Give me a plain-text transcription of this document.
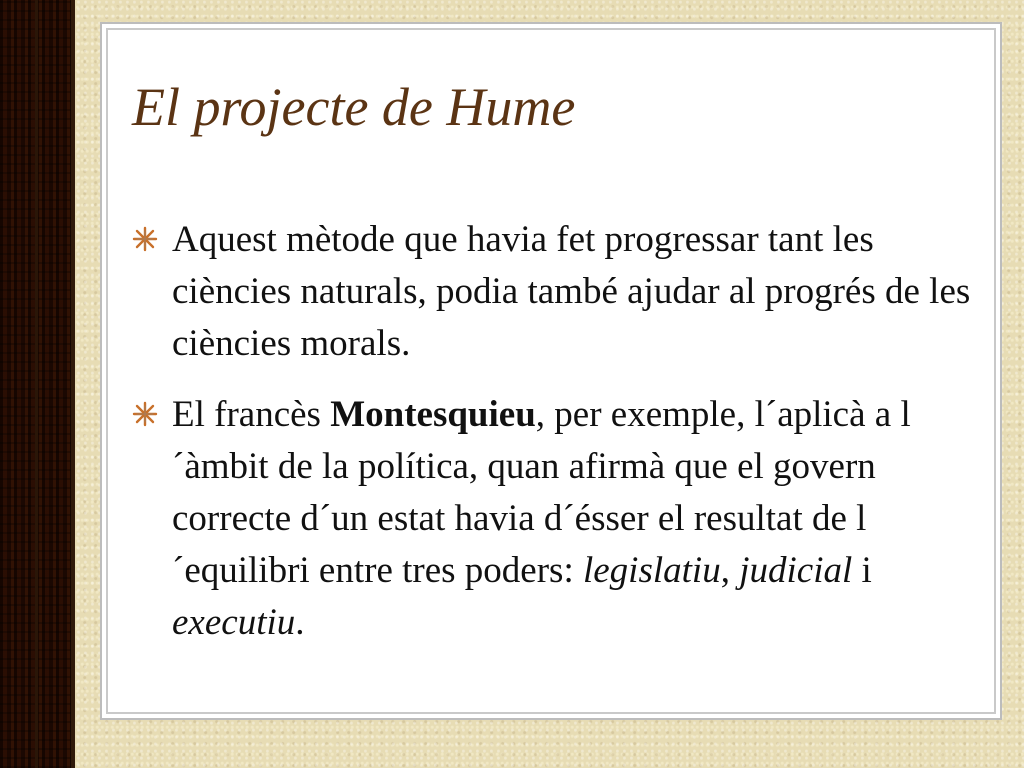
El projecte de Hume
Aquest mètode que havia fet progressar tant les ciències naturals, podia també ajudar al progrés de les ciències morals.
El francès Montesquieu, per exemple, l´aplicà a l´àmbit de la política, quan afirmà que el govern correcte d´un estat havia d´ésser el resultat de l´equilibri entre tres poders: legislatiu, judicial i executiu.
